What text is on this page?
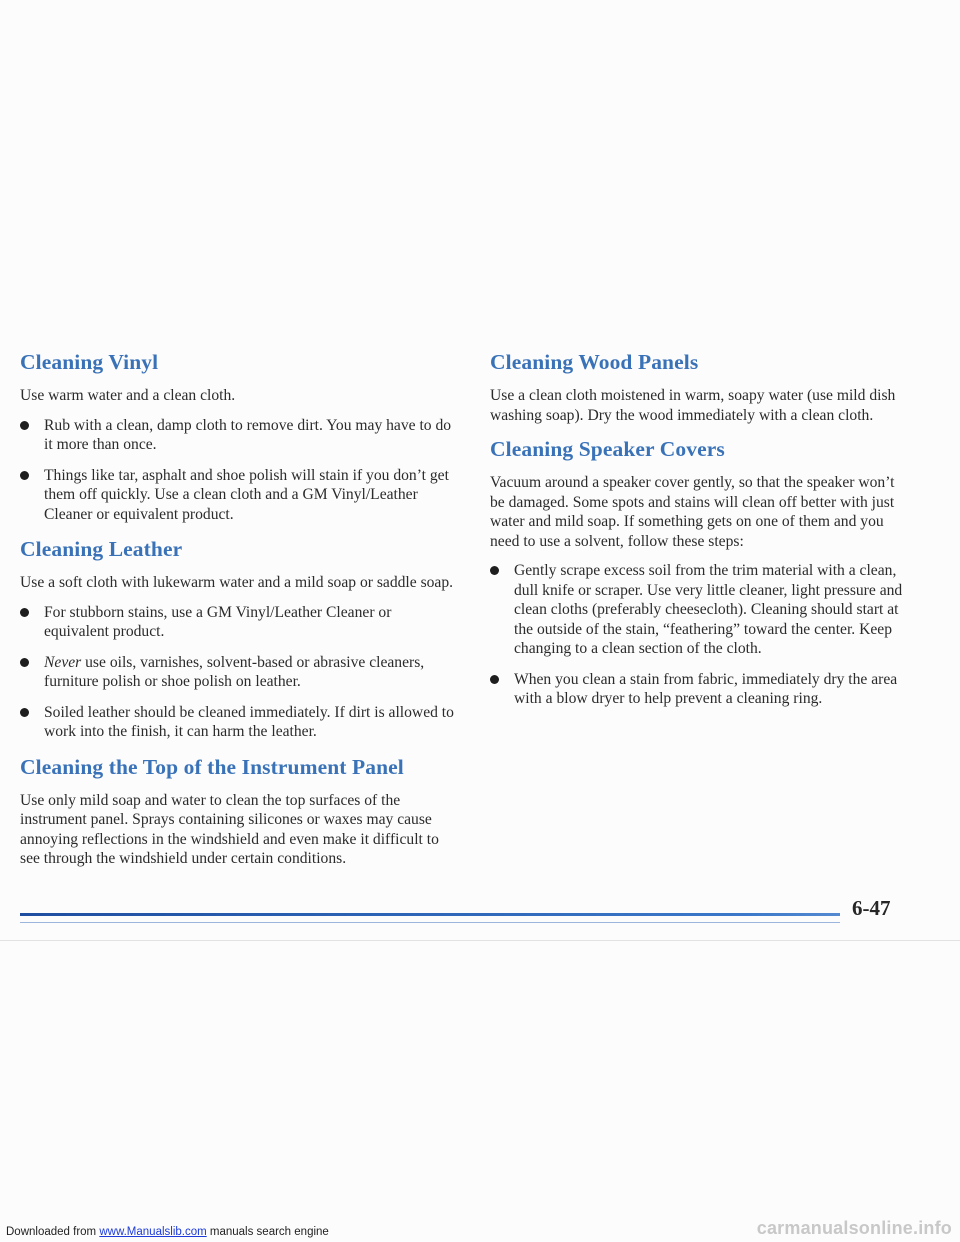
Cleaning Vinyl

Use warm water and a clean cloth.

Rub with a clean, damp cloth to remove dirt. You may have to do it more than once.
Things like tar, asphalt and shoe polish will stain if you don’t get them off quickly. Use a clean cloth and a GM Vinyl/Leather Cleaner or equivalent product.
Cleaning Leather

Use a soft cloth with lukewarm water and a mild soap or saddle soap.

For stubborn stains, use a GM Vinyl/Leather Cleaner or equivalent product.
Never use oils, varnishes, solvent-based or abrasive cleaners, furniture polish or shoe polish on leather.
Soiled leather should be cleaned immediately. If dirt is allowed to work into the finish, it can harm the leather.
Cleaning the Top of the Instrument Panel

Use only mild soap and water to clean the top surfaces of the instrument panel. Sprays containing silicones or waxes may cause annoying reflections in the windshield and even make it difficult to see through the windshield under certain conditions.

Cleaning Wood Panels

Use a clean cloth moistened in warm, soapy water (use mild dish washing soap). Dry the wood immediately with a clean cloth.

Cleaning Speaker Covers

Vacuum around a speaker cover gently, so that the speaker won’t be damaged. Some spots and stains will clean off better with just water and mild soap. If something gets on one of them and you need to use a solvent, follow these steps:

Gently scrape excess soil from the trim material with a clean, dull knife or scraper. Use very little cleaner, light pressure and clean cloths (preferably cheesecloth). Cleaning should start at the outside of the stain, “feathering” toward the center. Keep changing to a clean section of the cloth.
When you clean a stain from fabric, immediately dry the area with a blow dryer to help prevent a cleaning ring.
6-47
Downloaded from www.Manualslib.com manuals search engine	carmanualsonline.info
